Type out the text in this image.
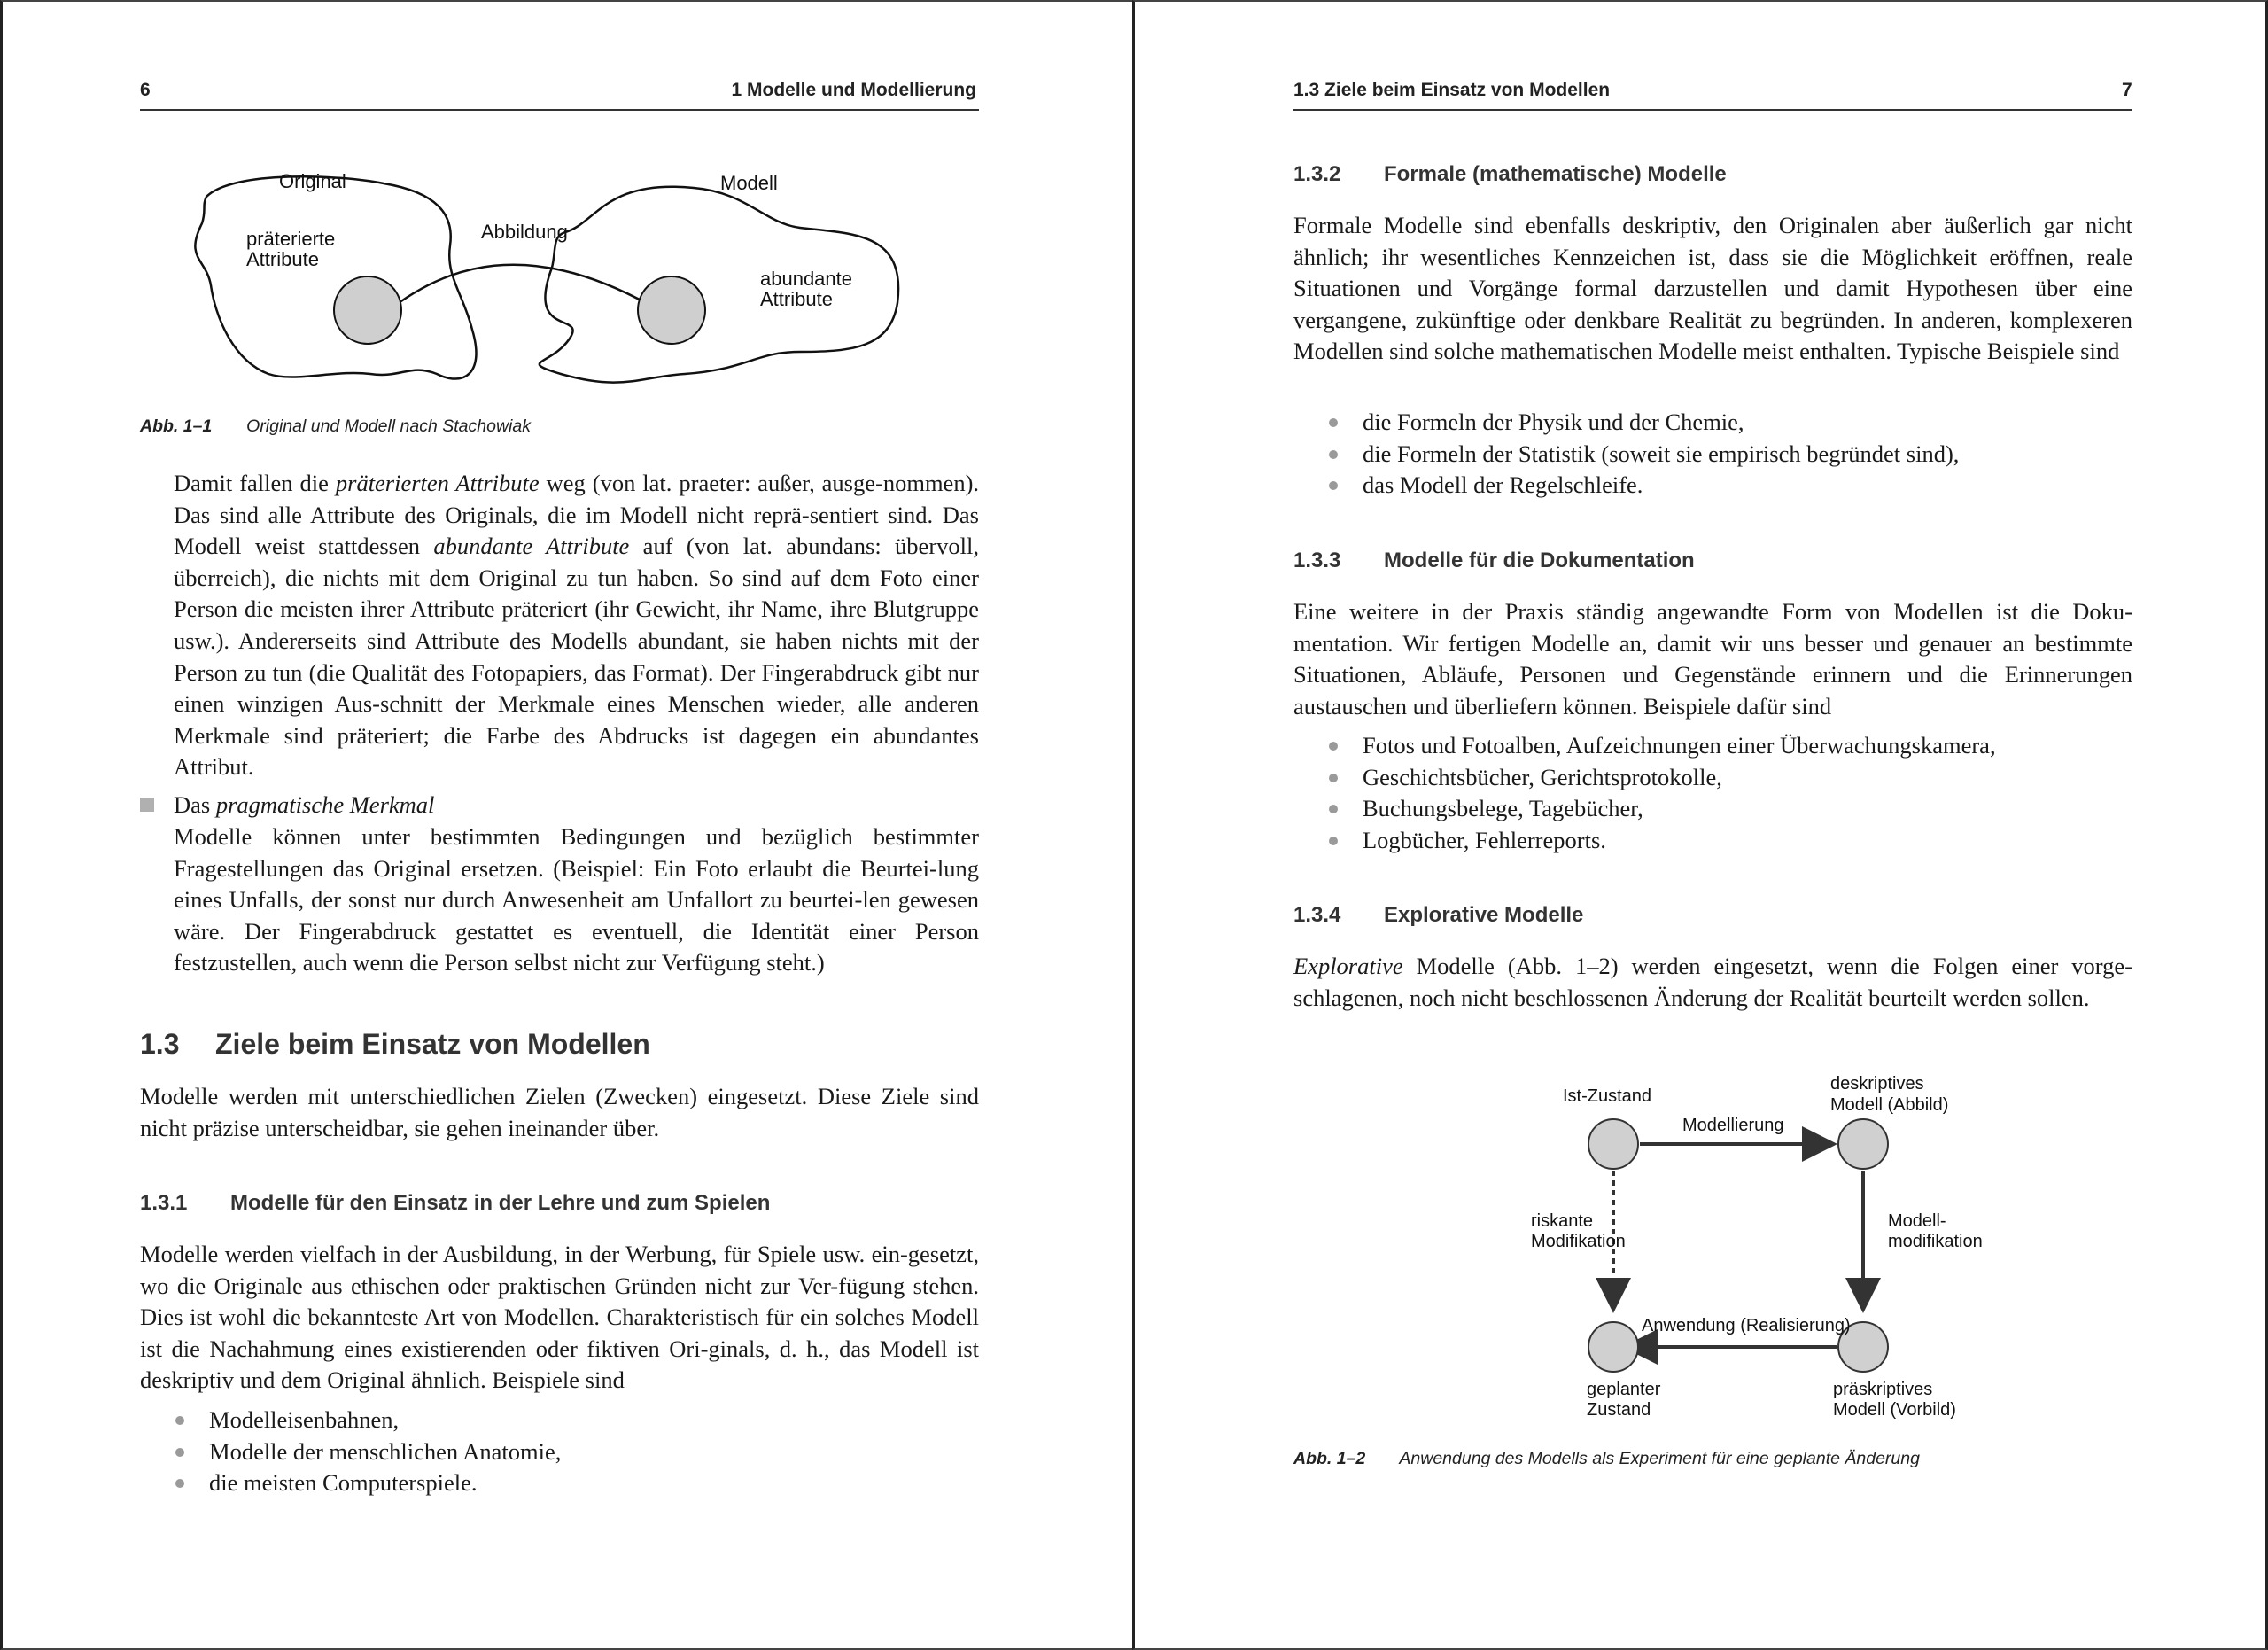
6	1 Modelle und Modellierung
Original	Modell
Abbildung
präterierte
Attribute
abundante
Attribute
Abb. 1–1 Original und Modell nach Stachowiak
Damit fallen die präterierten Attribute weg (von lat. praeter: außer, ausge-nommen). Das sind alle Attribute des Originals, die im Modell nicht reprä-sentiert sind. Das Modell weist stattdessen abundante Attribute auf (von lat. abundans: übervoll, überreich), die nichts mit dem Original zu tun haben. So sind auf dem Foto einer Person die meisten ihrer Attribute präteriert (ihr Gewicht, ihr Name, ihre Blutgruppe usw.). Andererseits sind Attribute des Modells abundant, sie haben nichts mit der Person zu tun (die Qualität des Fotopapiers, das Format). Der Fingerabdruck gibt nur einen winzigen Aus-schnitt der Merkmale eines Menschen wieder, alle anderen Merkmale sind präteriert; die Farbe des Abdrucks ist dagegen ein abundantes Attribut.
Das pragmatische Merkmal
Modelle können unter bestimmten Bedingungen und bezüglich bestimmter Fragestellungen das Original ersetzen. (Beispiel: Ein Foto erlaubt die Beurtei-lung eines Unfalls, der sonst nur durch Anwesenheit am Unfallort zu beurtei-len gewesen wäre. Der Fingerabdruck gestattet es eventuell, die Identität einer Person festzustellen, auch wenn die Person selbst nicht zur Verfügung steht.)
1.3 Ziele beim Einsatz von Modellen
Modelle werden mit unterschiedlichen Zielen (Zwecken) eingesetzt. Diese Ziele sind nicht präzise unterscheidbar, sie gehen ineinander über.
1.3.1 Modelle für den Einsatz in der Lehre und zum Spielen
Modelle werden vielfach in der Ausbildung, in der Werbung, für Spiele usw. ein-gesetzt, wo die Originale aus ethischen oder praktischen Gründen nicht zur Ver-fügung stehen. Dies ist wohl die bekannteste Art von Modellen. Charakteristisch für ein solches Modell ist die Nachahmung eines existierenden oder fiktiven Ori-ginals, d. h., das Modell ist deskriptiv und dem Original ähnlich. Beispiele sind
Modelleisenbahnen,
Modelle der menschlichen Anatomie,
die meisten Computerspiele.
1.3 Ziele beim Einsatz von Modellen	7
1.3.2 Formale (mathematische) Modelle
Formale Modelle sind ebenfalls deskriptiv, den Originalen aber äußerlich gar nicht ähnlich; ihr wesentliches Kennzeichen ist, dass sie die Möglichkeit eröffnen, reale Situationen und Vorgänge formal darzustellen und damit Hypothesen über eine vergangene, zukünftige oder denkbare Realität zu begründen. In anderen, komplexeren Modellen sind solche mathematischen Modelle meist enthalten. Typische Beispiele sind
die Formeln der Physik und der Chemie,
die Formeln der Statistik (soweit sie empirisch begründet sind),
das Modell der Regelschleife.
1.3.3 Modelle für die Dokumentation
Eine weitere in der Praxis ständig angewandte Form von Modellen ist die Doku-mentation. Wir fertigen Modelle an, damit wir uns besser und genauer an bestimmte Situationen, Abläufe, Personen und Gegenstände erinnern und die Erinnerungen austauschen und überliefern können. Beispiele dafür sind
Fotos und Fotoalben, Aufzeichnungen einer Überwachungskamera,
Geschichtsbücher, Gerichtsprotokolle,
Buchungsbelege, Tagebücher,
Logbücher, Fehlerreports.
1.3.4 Explorative Modelle
Explorative Modelle (Abb. 1–2) werden eingesetzt, wenn die Folgen einer vorge-schlagenen, noch nicht beschlossenen Änderung der Realität beurteilt werden sollen.
Ist-Zustand
deskriptives
Modell (Abbild)
Modellierung
riskante
Modifikation
Modell-
modifikation
Anwendung (Realisierung)
geplanter
Zustand
präskriptives
Modell (Vorbild)
Abb. 1–2 Anwendung des Modells als Experiment für eine geplante Änderung
